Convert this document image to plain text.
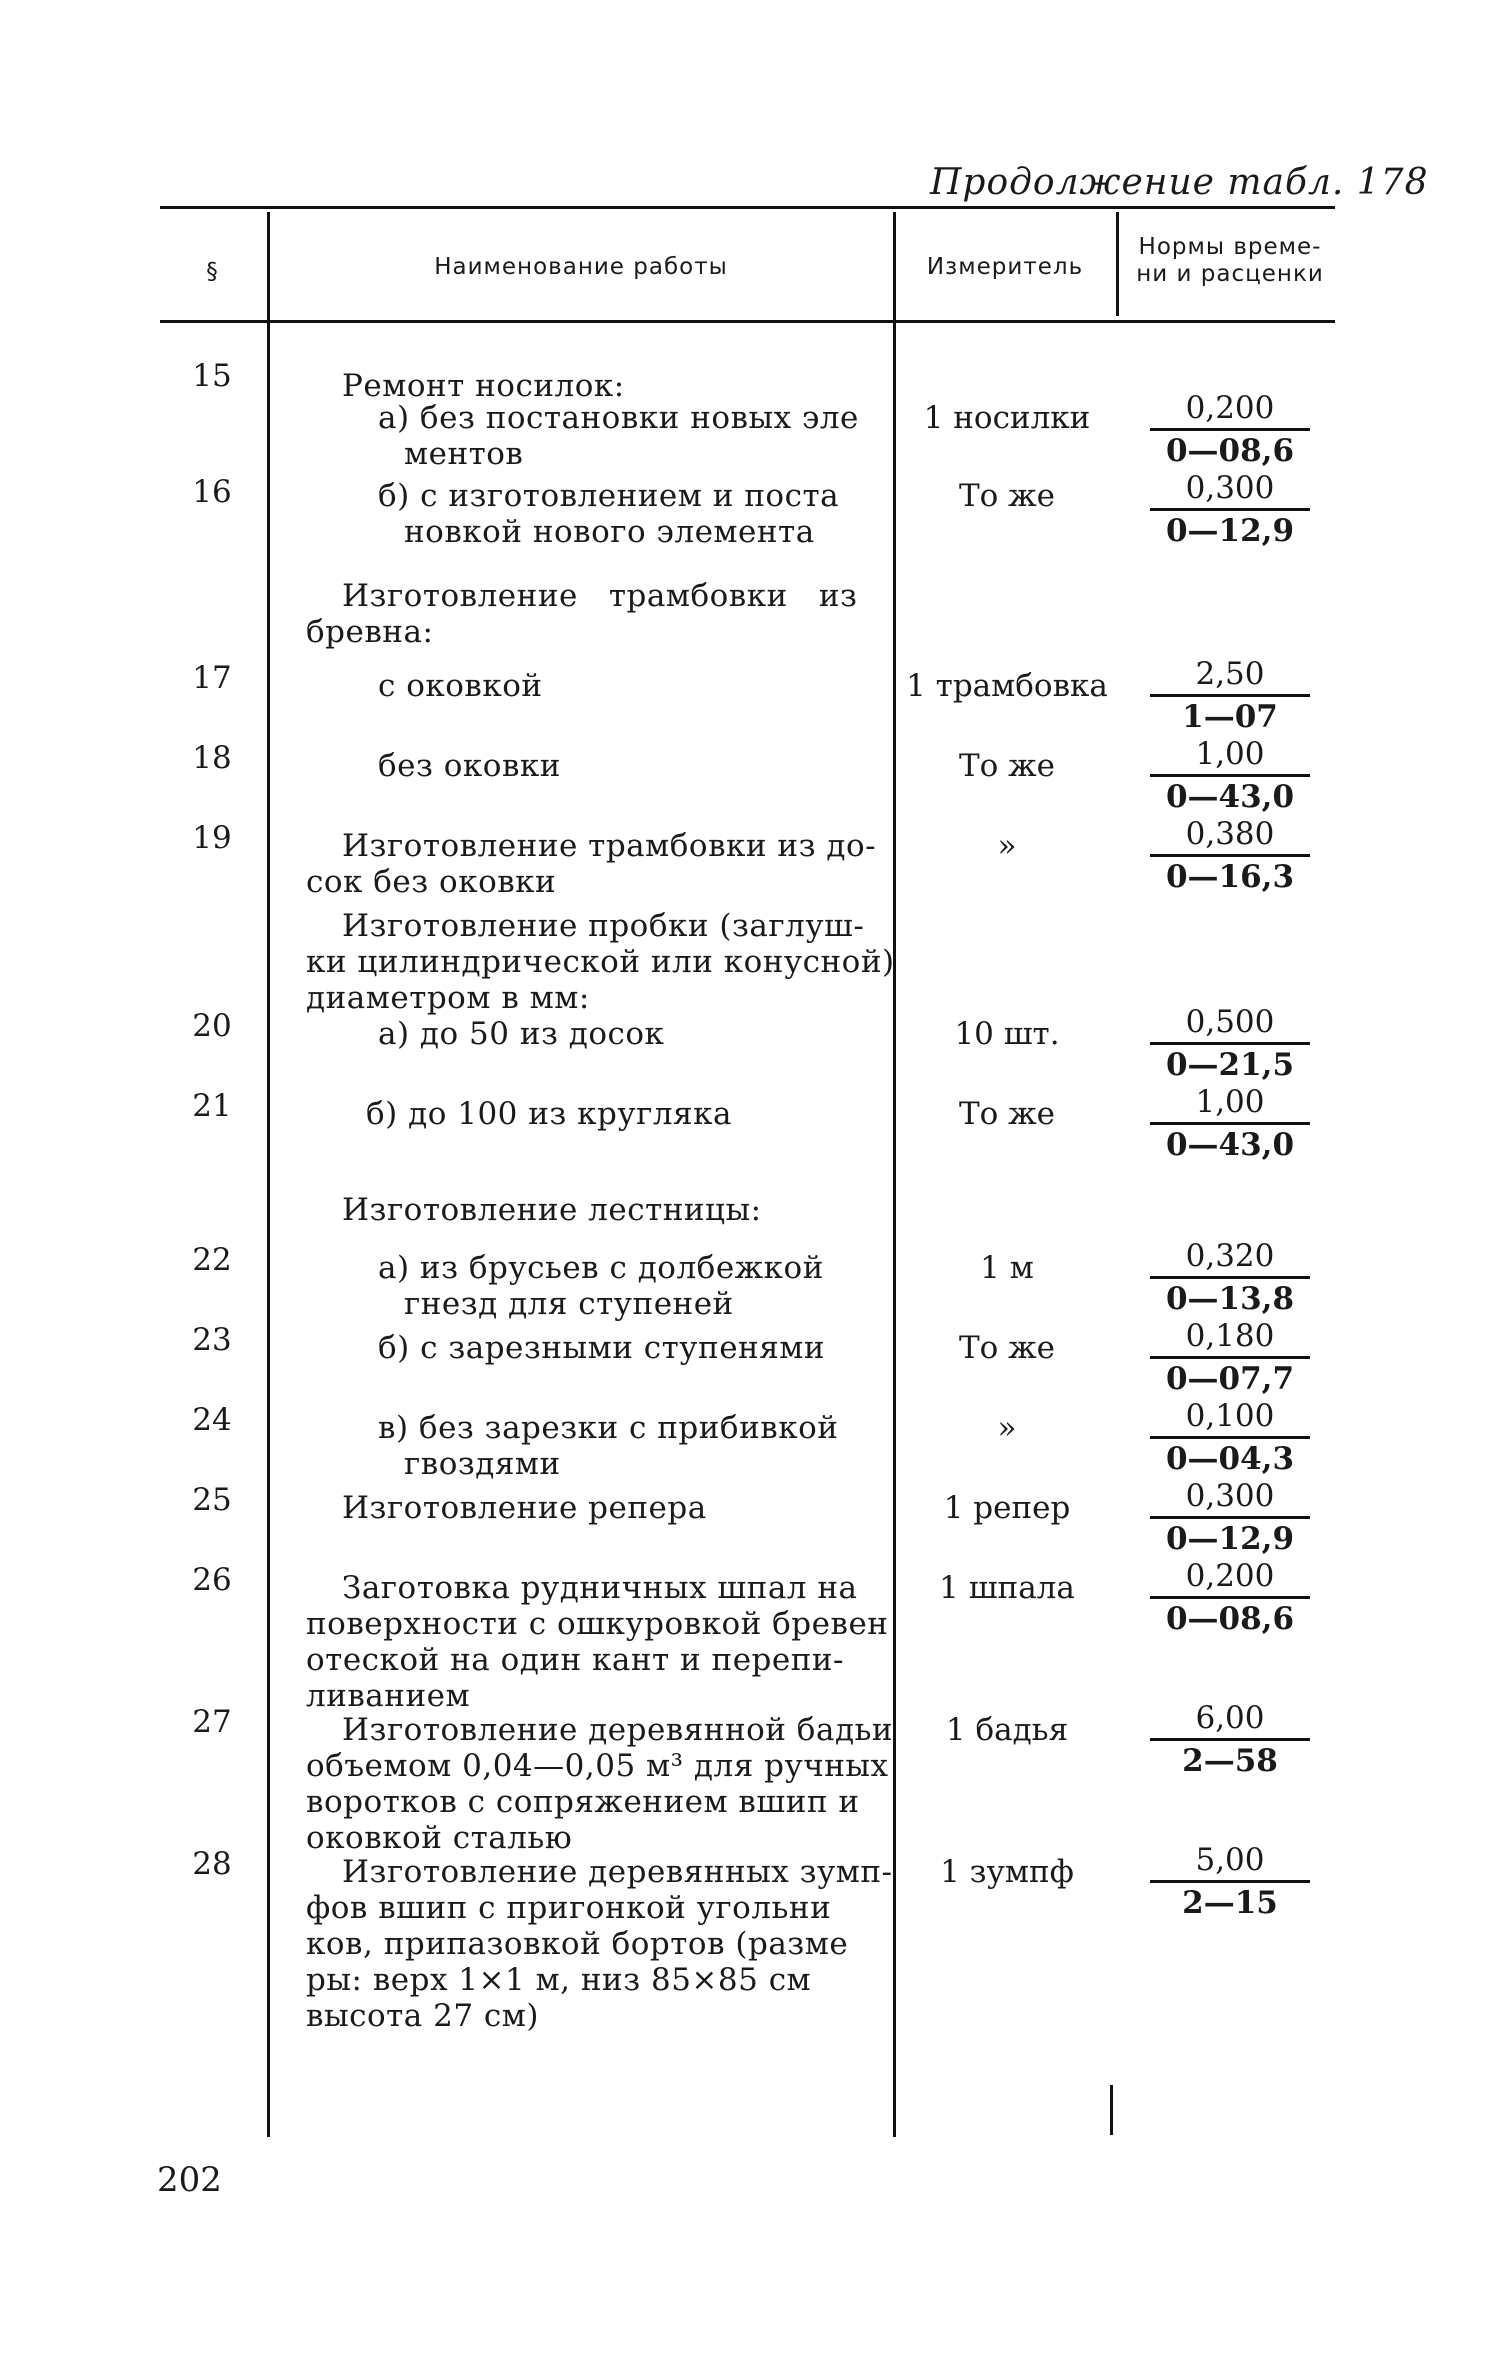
Продолжение табл. 178
§	Наименование работы	Измеритель
Нормы време-
ни и расценки
15
16
17
18
19
20
21
22
23
24
25
26
27
28
Ремонт носилок:
а) без постановки новых эле
ментов
б) с изготовлением и поста
новкой нового элемента
Изготовление   трамбовки   из
бревна:
с оковкой
без оковки
Изготовление трамбовки из до-
сок без оковки
Изготовление пробки (заглуш-
ки цилиндрической или конусной)
диаметром в мм:
а) до 50 из досок
б) до 100 из кругляка
Изготовление лестницы:
а) из брусьев с долбежкой
гнезд для ступеней
б) с зарезными ступенями
в) без зарезки с прибивкой
гвоздями
Изготовление репера
Заготовка рудничных шпал на
поверхности с ошкуровкой бревен
отеской на один кант и перепи-
ливанием
Изготовление деревянной бадьи
объемом 0,04—0,05 м³ для ручных
воротков с сопряжением вшип и
оковкой сталью
Изготовление деревянных зумп-
фов вшип с пригонкой угольни
ков, припазовкой бортов (разме
ры: верх 1×1 м, низ 85×85 см
высота 27 см)
1 носилки
То же
1 трамбовка
То же
»
10 шт.
То же
1 м
То же
»
1 репер
1 шпала
1 бадья
1 зумпф
0,200
0—08,6
0,300
0—12,9
2,50
1—07
1,00
0—43,0
0,380
0—16,3
0,500
0—21,5
1,00
0—43,0
0,320
0—13,8
0,180
0—07,7
0,100
0—04,3
0,300
0—12,9
0,200
0—08,6
6,00
2—58
5,00
2—15
202
